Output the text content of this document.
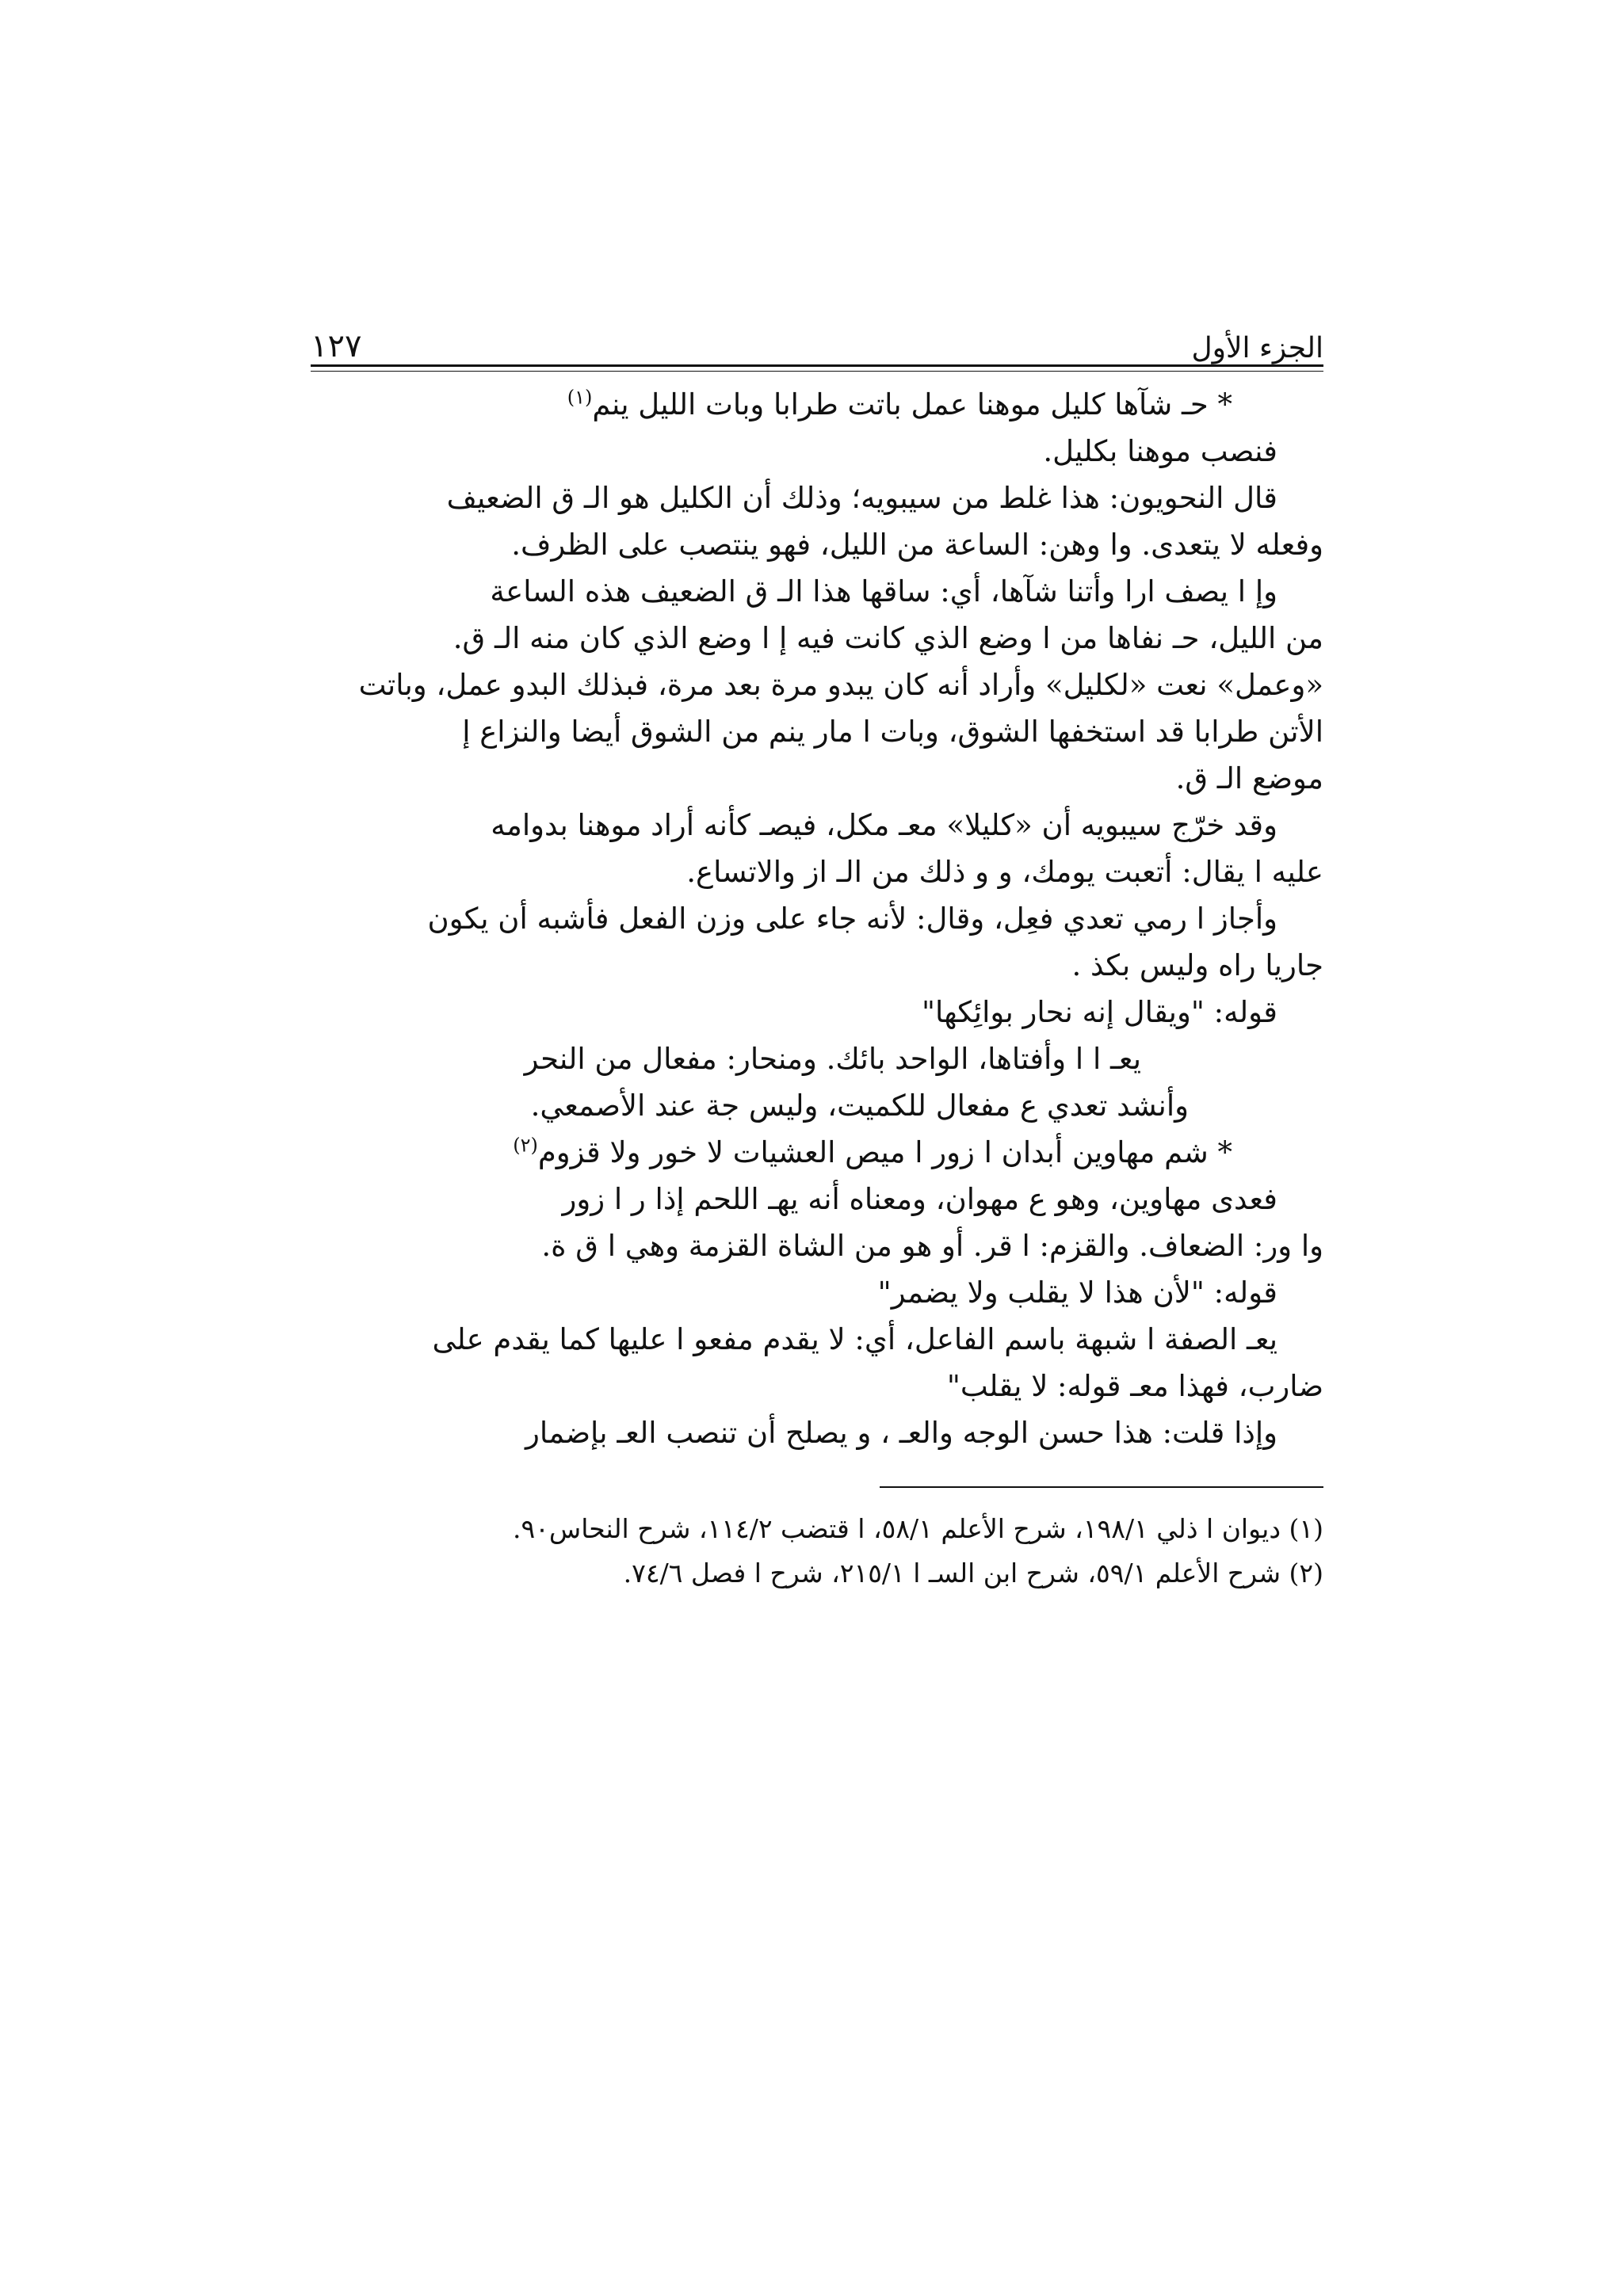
الجزء الأول
١٢٧
* حـ شآها كليل موهنا عمل باتت طرابا وبات الليل ينم$^{(١)}$
فنصب موهنا بكليل.
قال النحويون: هذا غلط من سيبويه؛ وذلك أن الكليل هو الـ ق الضعيف
وفعله لا يتعدى. وا وهن: الساعة من الليل، فهو ينتصب على الظرف.
وإ ا يصف ارا وأتنا شآها، أي: ساقها هذا الـ ق الضعيف هذه الساعة
من الليل، حـ نفاها من ا وضع الذي كانت فيه إ ا وضع الذي كان منه الـ ق.
«وعمل» نعت «لكليل» وأراد أنه كان يبدو مرة بعد مرة، فبذلك البدو عمل، وباتت
الأتن طرابا قد استخفها الشوق، وبات ا مار ينم من الشوق أيضا والنزاع إ
موضع الـ ق.
وقد خرّج سيبويه أن «كليلا» معـ مكل، فيصـ كأنه أراد موهنا بدوامه
عليه ا يقال: أتعبت يومك، و و ذلك من الـ از والاتساع.
وأجاز ا رمي تعدي فعِل، وقال: لأنه جاء على وزن الفعل فأشبه أن يكون
جاريا راه وليس بكذ .
قوله: "ويقال إنه نحار بوائِكها"
يعـ ا ا وأفتاها، الواحد بائك. ومنحار: مفعال من النحر
وأنشد تعدي ع مفعال للكميت، وليس جة عند الأصمعي.
* شم مهاوين أبدان ا زور ا ميص العشيات لا خور ولا قزوم$^{(٢)}$
فعدى مهاوين، وهو ع مهوان، ومعناه أنه يهـ اللحم إذا ر ا زور
وا ور: الضعاف. والقزم: ا قر. أو هو من الشاة القزمة وهي ا ق ة.
قوله: "لأن هذا لا يقلب ولا يضمر"
يعـ الصفة ا شبهة باسم الفاعل، أي: لا يقدم مفعو ا عليها كما يقدم على
ضارب، فهذا معـ قوله: لا يقلب"
وإذا قلت: هذا حسن الوجه والعـ ، و يصلح أن تنصب العـ بإضمار
(١) ديوان ا ذلي ١٩٨/١، شرح الأعلم ٥٨/١، ا قتضب ١١٤/٢، شرح النحاس٩٠.
(٢) شرح الأعلم ٥٩/١، شرح ابن السـ ا ٢١٥/١، شرح ا فصل ٧٤/٦.
